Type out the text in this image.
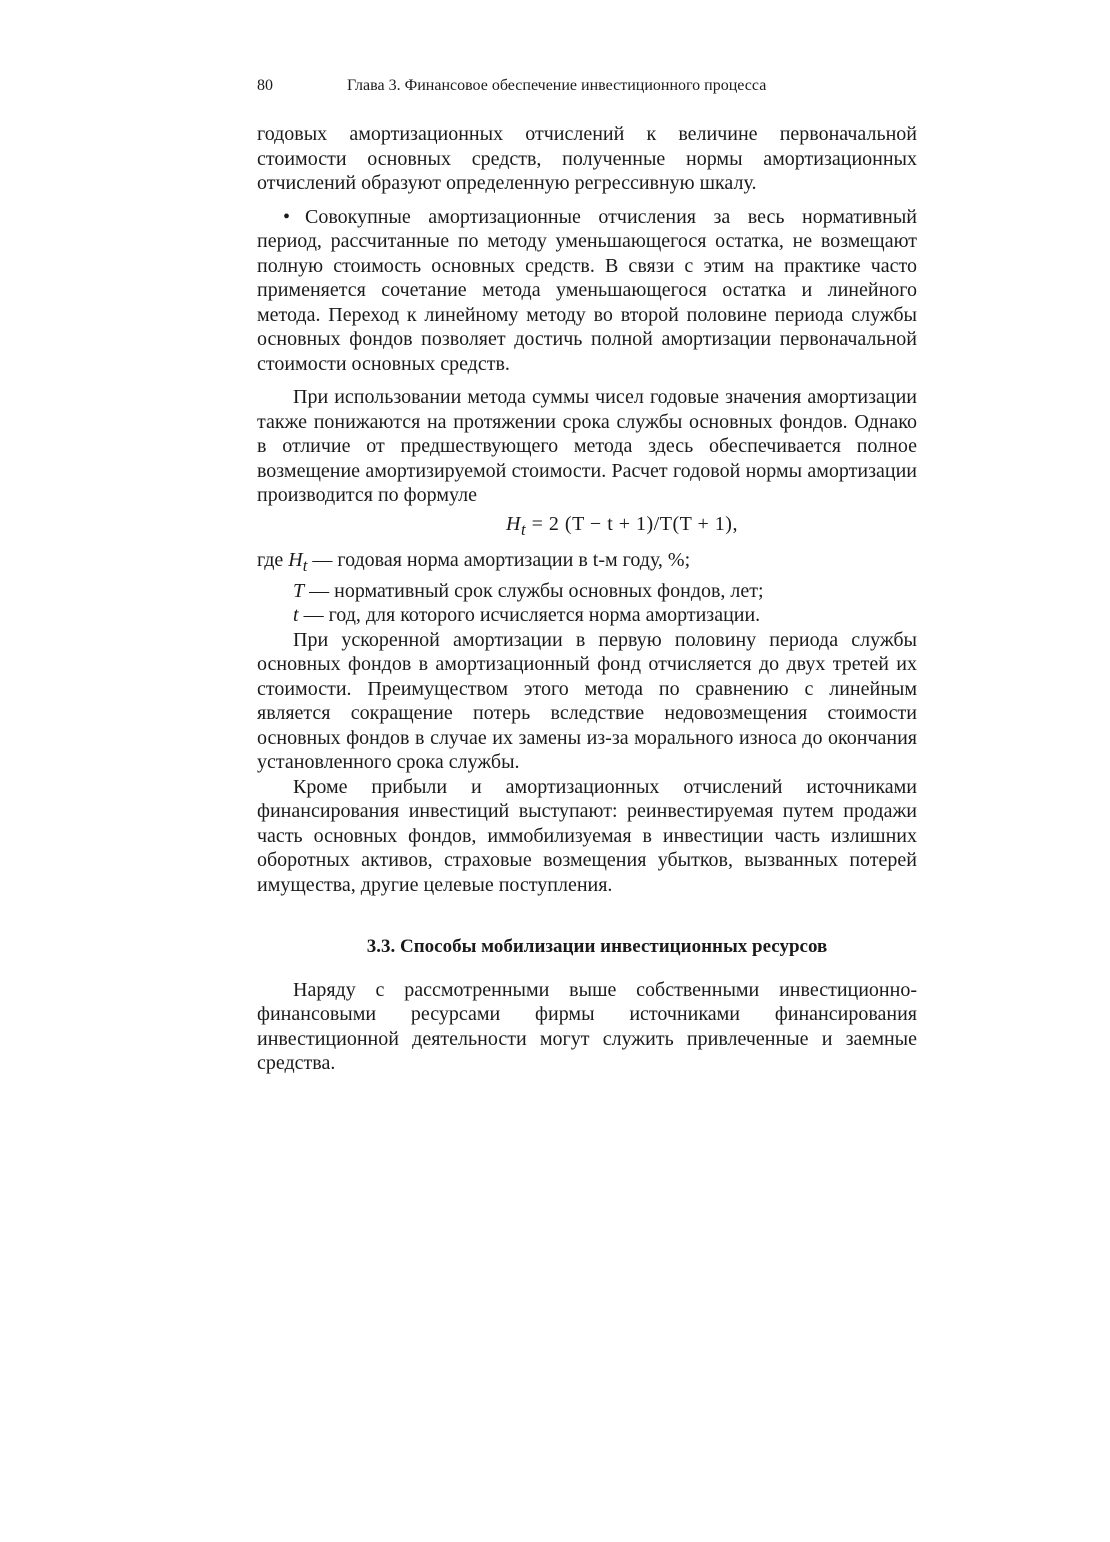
80	Глава 3. Финансовое обеспечение инвестиционного процесса

годовых амортизационных отчислений к величине первоначальной стоимости основных средств, полученные нормы амортизационных отчислений образуют определенную регрессивную шкалу.

• Совокупные амортизационные отчисления за весь нормативный период, рассчитанные по методу уменьшающегося остатка, не возмещают полную стоимость основных средств. В связи с этим на практике часто применяется сочетание метода уменьшающегося остатка и линейного метода. Переход к линейному методу во второй половине периода службы основных фондов позволяет достичь полной амортизации первоначальной стоимости основных средств.

При использовании метода суммы чисел годовые значения амортизации также понижаются на протяжении срока службы основных фондов. Однако в отличие от предшествующего метода здесь обеспечивается полное возмещение амортизируемой стоимости. Расчет годовой нормы амортизации производится по формуле

$H_t = 2$ (T − t + 1)/T(T + 1),

где $H_t$ — годовая норма амортизации в t-м году, %;

T — нормативный срок службы основных фондов, лет;

t — год, для которого исчисляется норма амортизации.

При ускоренной амортизации в первую половину периода службы основных фондов в амортизационный фонд отчисляется до двух третей их стоимости. Преимуществом этого метода по сравнению с линейным является сокращение потерь вследствие недовозмещения стоимости основных фондов в случае их замены из-за морального износа до окончания установленного срока службы.

Кроме прибыли и амортизационных отчислений источниками финансирования инвестиций выступают: реинвестируемая путем продажи часть основных фондов, иммобилизуемая в инвестиции часть излишних оборотных активов, страховые возмещения убытков, вызванных потерей имущества, другие целевые поступления.

3.3. Способы мобилизации инвестиционных ресурсов

Наряду с рассмотренными выше собственными инвестиционно-финансовыми ресурсами фирмы источниками финансирования инвестиционной деятельности могут служить привлеченные и заемные средства.
